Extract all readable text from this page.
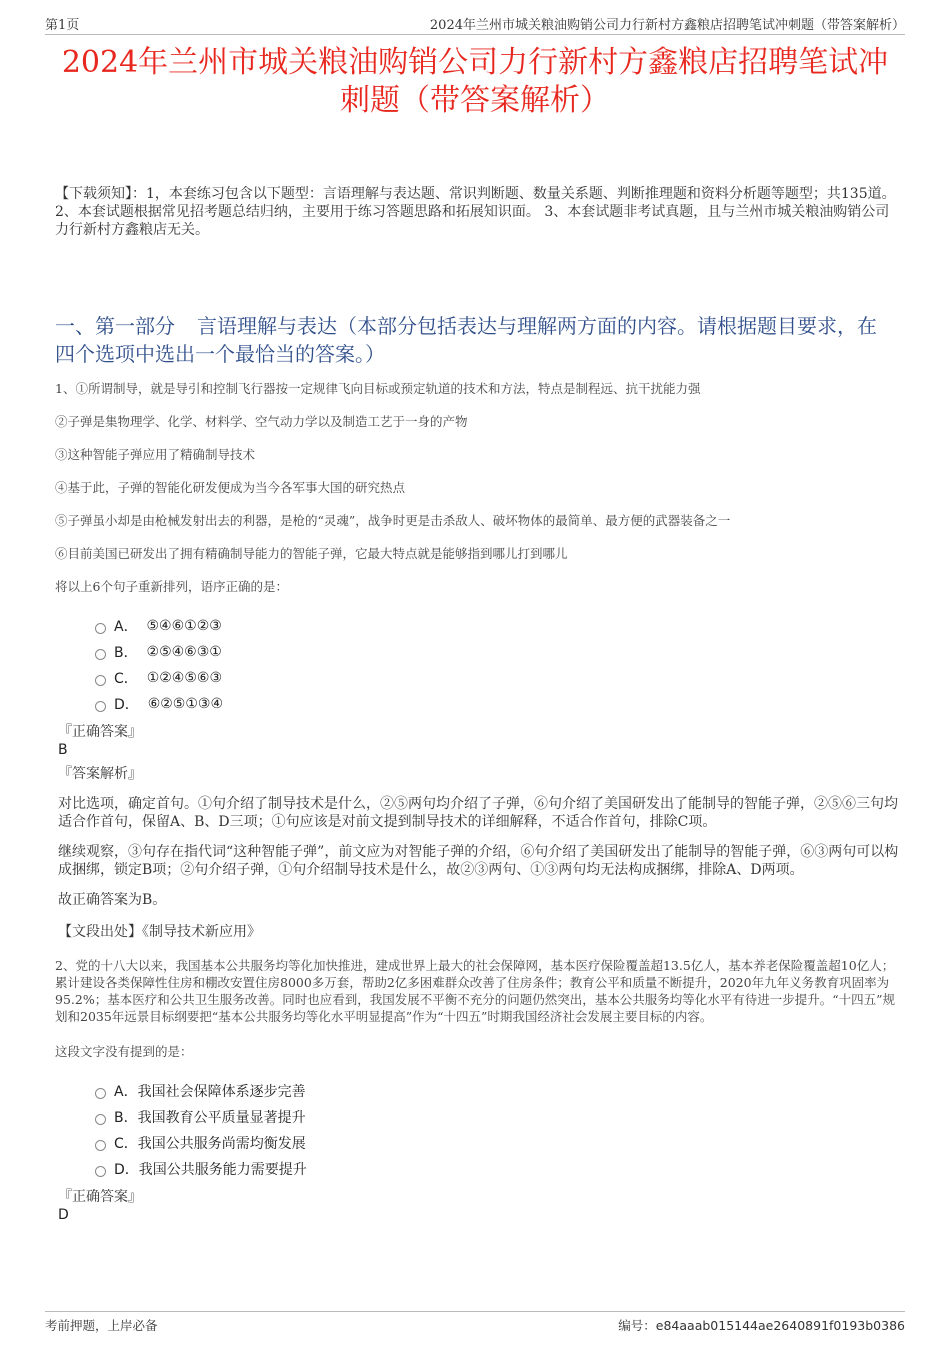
第1页	2024年兰州市城关粮油购销公司力行新村方鑫粮店招聘笔试冲刺题（带答案解析）
2024年兰州市城关粮油购销公司力行新村方鑫粮店招聘笔试冲
刺题（带答案解析）
【下载须知】：1，本套练习包含以下题型：言语理解与表达题、常识判断题、数量关系题、判断推理题和资料分析题等题型；共135道。 2、本套试题根据常见招考题总结归纳，主要用于练习答题思路和拓展知识面。 3、本套试题非考试真题，且与兰州市城关粮油购销公司力行新村方鑫粮店无关。
一、第一部分 言语理解与表达（本部分包括表达与理解两方面的内容。请根据题目要求，在四个选项中选出一个最恰当的答案。）
1、①所谓制导，就是导引和控制飞行器按一定规律飞向目标或预定轨道的技术和方法，特点是制程远、抗干扰能力强
②子弹是集物理学、化学、材料学、空气动力学以及制造工艺于一身的产物
③这种智能子弹应用了精确制导技术
④基于此，子弹的智能化研发便成为当今各军事大国的研究热点
⑤子弹虽小却是由枪械发射出去的利器，是枪的“灵魂”，战争时更是击杀敌人、破坏物体的最简单、最方便的武器装备之一
⑥目前美国已研发出了拥有精确制导能力的智能子弹，它最大特点就是能够指到哪儿打到哪儿
将以上6个句子重新排列，语序正确的是：
A．
⑤④⑥①②③
B．
②⑤④⑥③①
C．
①②④⑤⑥③
D．
⑥②⑤①③④
『正确答案』
B
『答案解析』
对比选项，确定首句。①句介绍了制导技术是什么，②⑤两句均介绍了子弹，⑥句介绍了美国研发出了能制导的智能子弹，②⑤⑥三句均适合作首句，保留A、B、D三项；①句应该是对前文提到制导技术的详细解释，不适合作首句，排除C项。
继续观察，③句存在指代词“这种智能子弹”，前文应为对智能子弹的介绍，⑥句介绍了美国研发出了能制导的智能子弹，⑥③两句可以构成捆绑，锁定B项；②句介绍子弹，①句介绍制导技术是什么，故②③两句、①③两句均无法构成捆绑，排除A、D两项。
故正确答案为B。
【文段出处】《制导技术新应用》
2、党的十八大以来，我国基本公共服务均等化加快推进，建成世界上最大的社会保障网，基本医疗保险覆盖超13.5亿人，基本养老保险覆盖超10亿人；累计建设各类保障性住房和棚改安置住房8000多万套，帮助2亿多困难群众改善了住房条件；教育公平和质量不断提升，2020年九年义务教育巩固率为95.2%；基本医疗和公共卫生服务改善。同时也应看到，我国发展不平衡不充分的问题仍然突出，基本公共服务均等化水平有待进一步提升。“十四五”规划和2035年远景目标纲要把“基本公共服务均等化水平明显提高”作为“十四五”时期我国经济社会发展主要目标的内容。
这段文字没有提到的是：
A． 我国社会保障体系逐步完善
B． 我国教育公平质量显著提升
C． 我国公共服务尚需均衡发展
D． 我国公共服务能力需要提升
『正确答案』
D
考前押题，上岸必备	编号：e84aaab015144ae2640891f0193b0386
